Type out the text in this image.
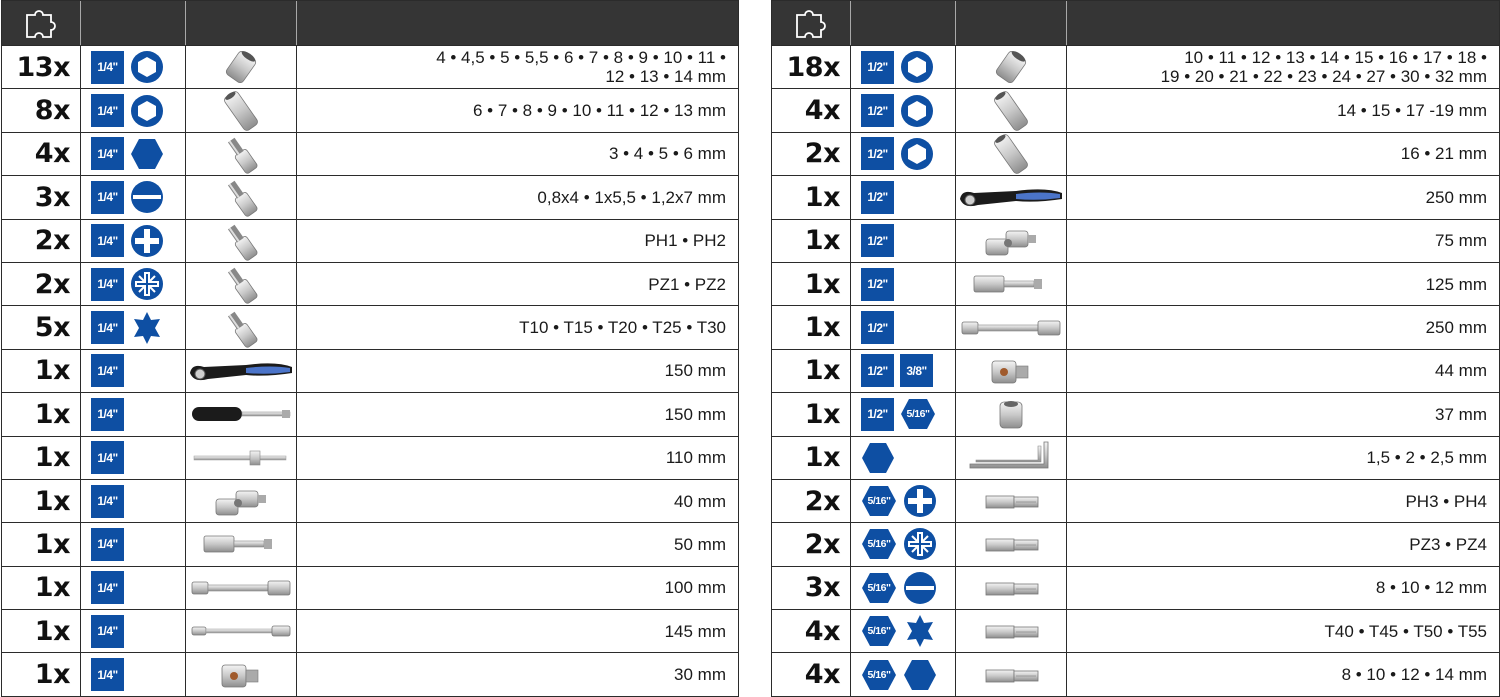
13x	1/4"	4 • 4,5 • 5 • 5,5 • 6 • 7 • 8 • 9 • 10 • 11 •
12 • 13 • 14 mm
8x	1/4"	6 • 7 • 8 • 9 • 10 • 11 • 12 • 13 mm
4x	1/4"	3 • 4 • 5 • 6 mm
3x	1/4"	0,8x4 • 1x5,5 • 1,2x7 mm
2x	1/4"	PH1 • PH2
2x	1/4"	PZ1 • PZ2
5x	1/4"	T10 • T15 • T20 • T25 • T30
1x	1/4"	150 mm
1x	1/4"	150 mm
1x	1/4"	110 mm
1x	1/4"	40 mm
1x	1/4"	50 mm
1x	1/4"	100 mm
1x	1/4"	145 mm
1x	1/4"	30 mm
18x	1/2"	10 • 11 • 12 • 13 • 14 • 15 • 16 • 17 • 18 •
19 • 20 • 21 • 22 • 23 • 24 • 27 • 30 • 32 mm
4x	1/2"	14 • 15 • 17 -19 mm
2x	1/2"	16 • 21 mm
1x	1/2"	250 mm
1x	1/2"	75 mm
1x	1/2"	125 mm
1x	1/2"	250 mm
1x	1/2"	3/8"	44 mm
1x	1/2"	5/16"	37 mm
1x	1,5 • 2 • 2,5 mm
2x	5/16"	PH3 • PH4
2x	5/16"	PZ3 • PZ4
3x	5/16"	8 • 10 • 12 mm
4x	5/16"	T40 • T45 • T50 • T55
4x	5/16"	8 • 10 • 12 • 14 mm
